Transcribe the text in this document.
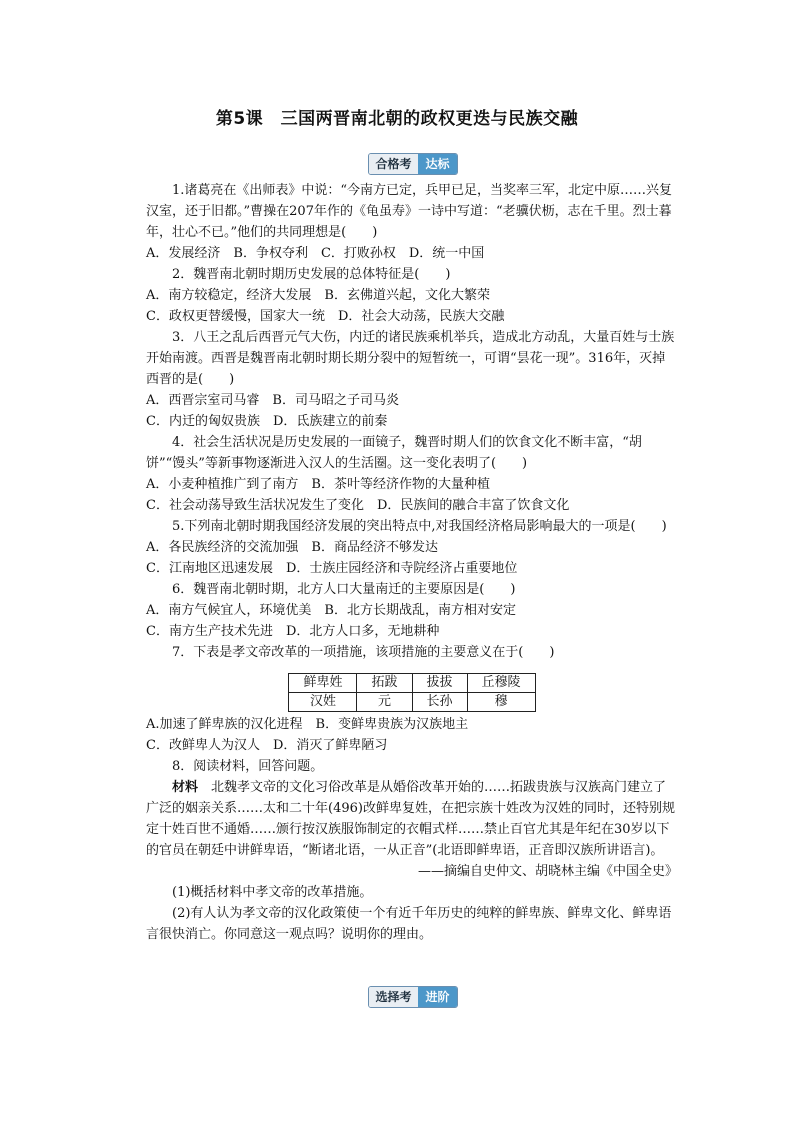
第5课　三国两晋南北朝的政权更迭与民族交融
合格考	达标

1.诸葛亮在《出师表》中说：“今南方已定，兵甲已足，当奖率三军，北定中原……兴复汉室，还于旧都。”曹操在207年作的《龟虽寿》一诗中写道：“老骥伏枥，志在千里。烈士暮年，壮心不已。”他们的共同理想是(　　)

A．发展经济　B．争权夺利　C．打败孙权　D．统一中国

2．魏晋南北朝时期历史发展的总体特征是(　　)

A．南方较稳定，经济大发展　B．玄佛道兴起，文化大繁荣

C．政权更替缓慢，国家大一统　D．社会大动荡，民族大交融

3．八王之乱后西晋元气大伤，内迁的诸民族乘机举兵，造成北方动乱，大量百姓与士族开始南渡。西晋是魏晋南北朝时期长期分裂中的短暂统一，可谓“昙花一现”。316年，灭掉西晋的是(　　)

A．西晋宗室司马睿　B．司马昭之子司马炎

C．内迁的匈奴贵族　D．氐族建立的前秦

4．社会生活状况是历史发展的一面镜子，魏晋时期人们的饮食文化不断丰富，“胡饼”“馒头”等新事物逐渐进入汉人的生活圈。这一变化表明了(　　)

A．小麦种植推广到了南方　B．茶叶等经济作物的大量种植

C．社会动荡导致生活状况发生了变化　D．民族间的融合丰富了饮食文化

5.下列南北朝时期我国经济发展的突出特点中,对我国经济格局影响最大的一项是(　　)

A．各民族经济的交流加强　B．商品经济不够发达

C．江南地区迅速发展　D．士族庄园经济和寺院经济占重要地位

6．魏晋南北朝时期，北方人口大量南迁的主要原因是(　　)

A．南方气候宜人，环境优美　B．北方长期战乱，南方相对安定

C．南方生产技术先进　D．北方人口多，无地耕种

7．下表是孝文帝改革的一项措施，该项措施的主要意义在于(　　)

鲜卑姓	拓跋	拔拔	丘穆陵
汉姓	元	长孙	穆

A.加速了鲜卑族的汉化进程　B．变鲜卑贵族为汉族地主

C．改鲜卑人为汉人　D．消灭了鲜卑陋习

8．阅读材料，回答问题。

材料　 北魏孝文帝的文化习俗改革是从婚俗改革开始的……拓跋贵族与汉族高门建立了广泛的姻亲关系……太和二十年(496)改鲜卑复姓，在把宗族十姓改为汉姓的同时，还特别规定十姓百世不通婚……颁行按汉族服饰制定的衣帽式样……禁止百官尤其是年纪在30岁以下的官员在朝廷中讲鲜卑语，“断诸北语，一从正音”(北语即鲜卑语，正音即汉族所讲语言)。

——摘编自史仲文、胡晓林主编《中国全史》

(1)概括材料中孝文帝的改革措施。

(2)有人认为孝文帝的汉化政策使一个有近千年历史的纯粹的鲜卑族、鲜卑文化、鲜卑语言很快消亡。你同意这一观点吗？说明你的理由。

选择考	进阶
